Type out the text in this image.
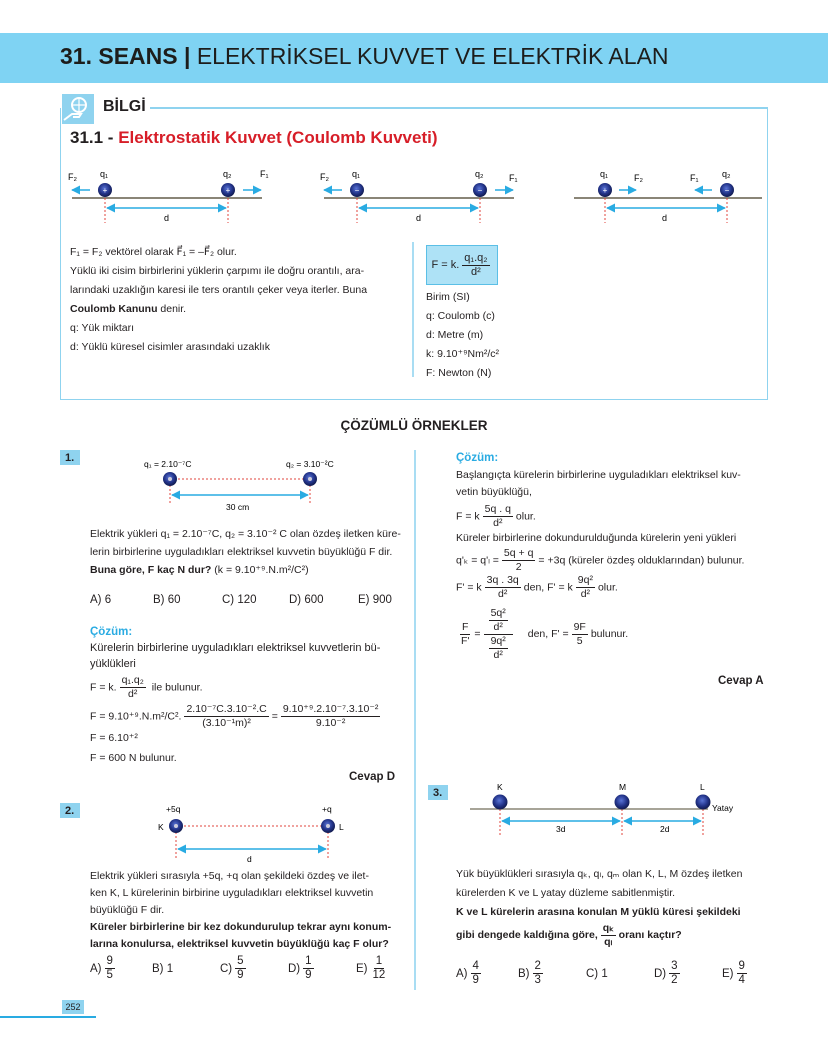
31. SEANS | ELEKTRİKSEL KUVVET VE ELEKTRİK ALAN
BİLGİ
31.1 - Elektrostatik Kuvvet (Coulomb Kuvveti)
+	+
F₂	q₁	q₂	F₁
d
−	−
F₂	q₁	q₂	F₁
d
+	−
q₁	F₂	F₁	q₂
d
F₁ = F₂ vektörel olarak F⃗₁ = –F⃗₂ olur.
Yüklü iki cisim birbirlerini yüklerin çarpımı ile doğru orantılı, ara-
larındaki uzaklığın karesi ile ters orantılı çeker veya iterler. Buna
Coulomb Kanunu denir.
q: Yük miktarı
d: Yüklü küresel cisimler arasındaki uzaklık
F = k. $\frac{\text{q₁.q₂}}{\text{d²}}$
Birim (SI)
q: Coulomb (c)
d: Metre (m)
k: 9.10⁺⁹Nm²/c²
F: Newton (N)
ÇÖZÜMLÜ ÖRNEKLER
1.	q₁ = 2.10⁻⁷C	q₂ = 3.10⁻²C
30 cm
Elektrik yükleri q₁ = 2.10⁻⁷C, q₂ = 3.10⁻² C olan özdeş iletken küre-
lerin birbirlerine uyguladıkları elektriksel kuvvetin büyüklüğü F dir.
Buna göre, F kaç N dur? (k = 9.10⁺⁹.N.m²/C²)
A) 6	B) 60	C) 120	D) 600	E) 900
Çözüm:
Kürelerin birbirlerine uyguladıkları elektriksel kuvvetlerin bü-
yüklükleri
F = k. $\frac{\text{q₁.q₂}}{\text{d²}}$ ile bulunur.
F = 9.10⁺⁹.N.m²/C². $\frac{\text{2.10⁻⁷C.3.10⁻².C}}{\text{(3.10⁻¹m)²}} = \frac{\text{9.10⁺⁹.2.10⁻⁷.3.10⁻²}}{\text{9.10⁻²}}$
F = 6.10⁺²
F = 600 N bulunur.
Cevap D
2.	+5q	+q
K	L
d
Elektrik yükleri sırasıyla +5q, +q olan şekildeki özdeş ve ilet-
ken K, L kürelerinin birbirine uyguladıkları elektriksel kuvvetin
büyüklüğü F dir.
Küreler birbirlerine bir kez dokundurulup tekrar aynı konum-
larına konulursa, elektriksel kuvvetin büyüklüğü kaç F olur?
$A) \frac{9}{5}$	B) 1	$C) \frac{5}{9}$	$D) \frac{1}{9}$	$E) \frac{1}{12}$
Çözüm:
Başlangıçta kürelerin birbirlerine uyguladıkları elektriksel kuv-
vetin büyüklüğü,
F = k $\frac{5q . q}{\text{d²}}$ olur.
Küreler birbirlerine dokundurulduğunda kürelerin yeni yükleri
$q'_k = q'_l = \frac{5q + q}{2} = +3q$ (küreler özdeş olduklarından) bulunur.
F' = k $\frac{3q . 3q}{\text{d²}}$ den, F' = k $\frac{\text{9q²}}{\text{d²}}$ olur.
$\frac{F}{F'} = \frac{\frac{\text{5q²}}{\text{d²}}}{\frac{\text{9q²}}{\text{d²}}}$ den, $F' = \frac{9F}{5}$ bulunur.
Cevap A
3.	K	M	L
Yatay
3d	2d
Yük büyüklükleri sırasıyla qₖ, qₗ, qₘ olan K, L, M özdeş iletken
kürelerden K ve L yatay düzleme sabitlenmiştir.
K ve L kürelerin arasına konulan M yüklü küresi şekildeki
gibi dengede kaldığına göre, $\frac{\text{qₖ}}{\text{qₗ}}$ oranı kaçtır?
$A) \frac{4}{9}$	$B) \frac{2}{3}$	C) 1	$D) \frac{3}{2}$	$E) \frac{9}{4}$
252
